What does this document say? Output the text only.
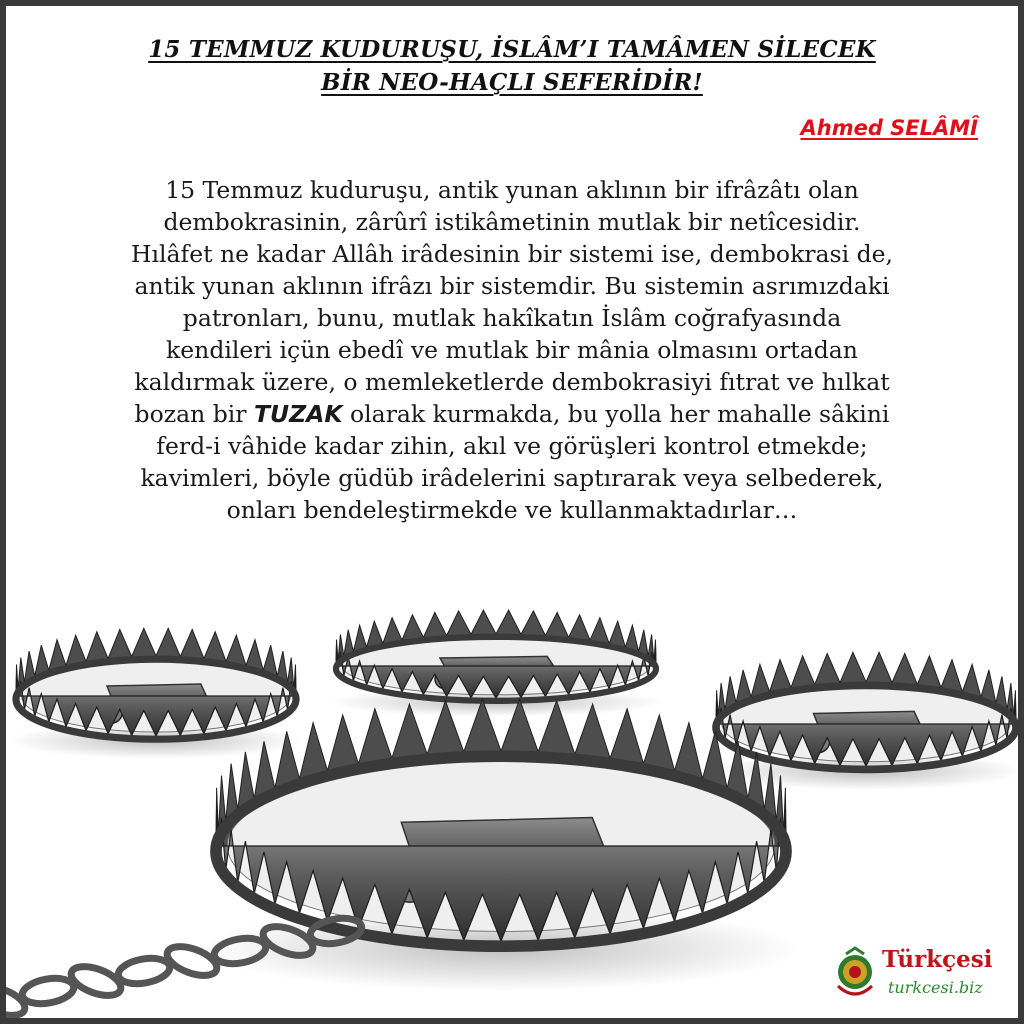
15 TEMMUZ KUDURUŞU, İSLÂM’I TAMÂMEN SİLECEK
BİR NEO-HAÇLI SEFERİDİR!
Ahmed SELÂMÎ
15 Temmuz kuduruşu, antik yunan aklının bir ifrâzâtı olan
dembokrasinin, zârûrî istikâmetinin mutlak bir netîcesidir.
Hılâfet ne kadar Allâh irâdesinin bir sistemi ise, dembokrasi de,
antik yunan aklının ifrâzı bir sistemdir. Bu sistemin asrımızdaki
patronları, bunu, mutlak hakîkatın İslâm coğrafyasında
kendileri içün ebedî ve mutlak bir mânia olmasını ortadan
kaldırmak üzere, o memleketlerde dembokrasiyi fıtrat ve hılkat
bozan bir TUZAK olarak kurmakda, bu yolla her mahalle sâkini
ferd-i vâhide kadar zihin, akıl ve görüşleri kontrol etmekde;
kavimleri, böyle güdüb irâdelerini saptırarak veya selbederek,
onları bendeleştirmekde ve kullanmaktadırlar…
Türkçesi
turkcesi.biz
